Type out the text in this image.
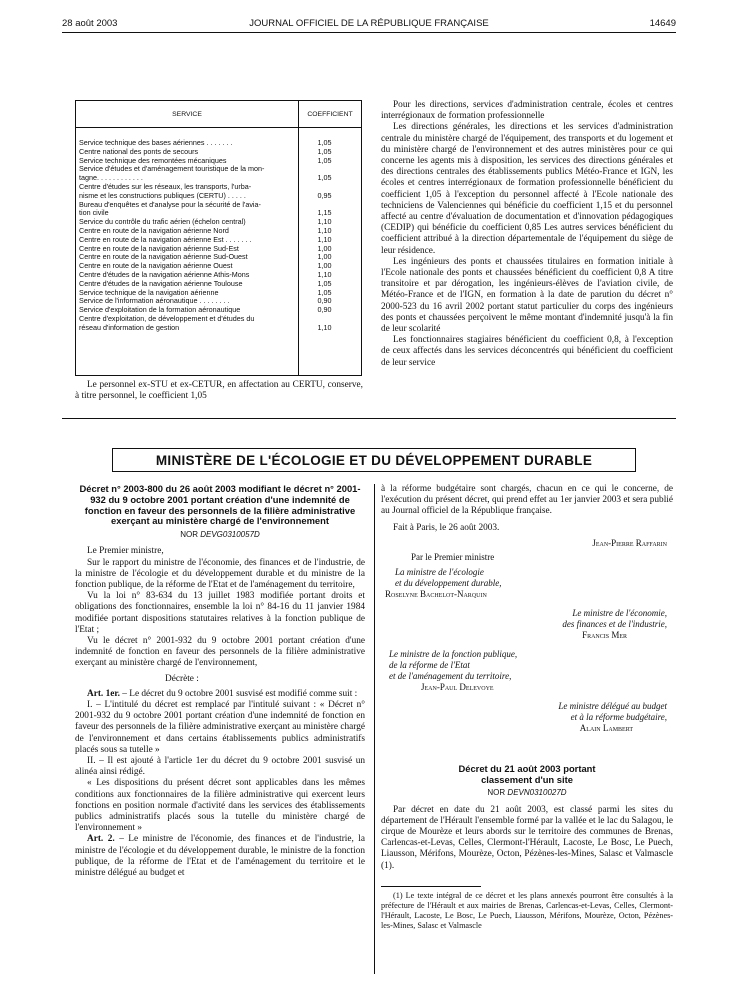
28 août 2003	JOURNAL OFFICIEL DE LA RÉPUBLIQUE FRANÇAISE	14649
SERVICE	COEFFICIENT
Service technique des bases aériennes . . . . . . .	1,05
Centre national des ponts de secours	1,05
Service technique des remontées mécaniques	1,05
Service d'études et d'aménagement touristique de la mon-
tagne. . . . . . . . . . . .	1,05
Centre d'études sur les réseaux, les transports, l'urba-
nisme et les constructions publiques (CERTU) . . . . .	0,95
Bureau d'enquêtes et d'analyse pour la sécurité de l'avia-
tion civile	1,15
Service du contrôle du trafic aérien (échelon central)	1,10
Centre en route de la navigation aérienne Nord	1,10
Centre en route de la navigation aérienne Est . . . . . . .	1,10
Centre en route de la navigation aérienne Sud-Est	1,00
Centre en route de la navigation aérienne Sud-Ouest	1,00
Centre en route de la navigation aérienne Ouest	1,00
Centre d'études de la navigation aérienne Athis-Mons	1,10
Centre d'études de la navigation aérienne Toulouse	1,05
Service technique de la navigation aérienne	1,05
Service de l'information aéronautique . . . . . . . .	0,90
Service d'exploitation de la formation aéronautique	0,90
Centre d'exploitation, de développement et d'études du
réseau d'information de gestion	1,10

Le personnel ex-STU et ex-CETUR, en affectation au CERTU, conserve, à titre personnel, le coefficient 1,05

Pour les directions, services d'administration centrale, écoles et centres interrégionaux de formation professionnelle

Les directions générales, les directions et les services d'administration centrale du ministère chargé de l'équipement, des transports et du logement et du ministère chargé de l'environnement et des autres ministères pour ce qui concerne les agents mis à disposition, les services des directions générales et des directions centrales des établissements publics Météo-France et IGN, les écoles et centres interrégionaux de formation professionnelle bénéficient du coefficient 1,05 à l'exception du personnel affecté à l'Ecole nationale des techniciens de Valenciennes qui bénéficie du coefficient 1,15 et du personnel affecté au centre d'évaluation de documentation et d'innovation pédagogiques (CEDIP) qui bénéficie du coefficient 0,85 Les autres services bénéficient du coefficient attribué à la direction départementale de l'équipement du siège de leur résidence.

Les ingénieurs des ponts et chaussées titulaires en formation initiale à l'Ecole nationale des ponts et chaussées bénéficient du coefficient 0,8 A titre transitoire et par dérogation, les ingénieurs-élèves de l'aviation civile, de Météo-France et de l'IGN, en formation à la date de parution du décret n° 2000-523 du 16 avril 2002 portant statut particulier du corps des ingénieurs des ponts et chaussées perçoivent le même montant d'indemnité jusqu'à la fin de leur scolarité

Les fonctionnaires stagiaires bénéficient du coefficient 0,8, à l'exception de ceux affectés dans les services déconcentrés qui bénéficient du coefficient de leur service

MINISTÈRE DE L'ÉCOLOGIE ET DU DÉVELOPPEMENT DURABLE
Décret n° 2003-800 du 26 août 2003 modifiant le décret n° 2001-932 du 9 octobre 2001 portant création d'une indemnité de fonction en faveur des personnels de la filière administrative exerçant au ministère chargé de l'environnement
NOR DEVG0310057D

Le Premier ministre,

Sur le rapport du ministre de l'économie, des finances et de l'industrie, de la ministre de l'écologie et du développement durable et du ministre de la fonction publique, de la réforme de l'Etat et de l'aménagement du territoire,

Vu la loi n° 83-634 du 13 juillet 1983 modifiée portant droits et obligations des fonctionnaires, ensemble la loi n° 84-16 du 11 janvier 1984 modifiée portant dispositions statutaires relatives à la fonction publique de l'Etat ;

Vu le décret n° 2001-932 du 9 octobre 2001 portant création d'une indemnité de fonction en faveur des personnels de la filière administrative exerçant au ministère chargé de l'environnement,

Décrète :

Art. 1er. – Le décret du 9 octobre 2001 susvisé est modifié comme suit :

I. – L'intitulé du décret est remplacé par l'intitulé suivant : « Décret n° 2001-932 du 9 octobre 2001 portant création d'une indemnité de fonction en faveur des personnels de la filière administrative exerçant au ministère chargé de l'environnement et dans certains établissements publics administratifs placés sous sa tutelle »

II. – Il est ajouté à l'article 1er du décret du 9 octobre 2001 susvisé un alinéa ainsi rédigé.

« Les dispositions du présent décret sont applicables dans les mêmes conditions aux fonctionnaires de la filière administrative qui exercent leurs fonctions en position normale d'activité dans les services des établissements publics administratifs placés sous la tutelle du ministère chargé de l'environnement »

Art. 2. – Le ministre de l'économie, des finances et de l'industrie, la ministre de l'écologie et du développement durable, le ministre de la fonction publique, de la réforme de l'Etat et de l'aménagement du territoire et le ministre délégué au budget et

à la réforme budgétaire sont chargés, chacun en ce qui le concerne, de l'exécution du présent décret, qui prend effet au 1er janvier 2003 et sera publié au Journal officiel de la République française.

Fait à Paris, le 26 août 2003.

Jean-Pierre Raffarin
Par le Premier ministre
La ministre de l'écologie
et du développement durable,
Roselyne Bachelot-Narquin
Le ministre de l'économie,
des finances et de l'industrie,
Francis Mer
Le ministre de la fonction publique,
de la réforme de l'Etat
et de l'aménagement du territoire,
Jean-Paul Delevoye
Le ministre délégué au budget
et à la réforme budgétaire,
Alain Lambert
Décret du 21 août 2003 portant classement d'un site
NOR DEVN0310027D

Par décret en date du 21 août 2003, est classé parmi les sites du département de l'Hérault l'ensemble formé par la vallée et le lac du Salagou, le cirque de Mourèze et leurs abords sur le territoire des communes de Brenas, Carlencas-et-Levas, Celles, Clermont-l'Hérault, Lacoste, Le Bosc, Le Puech, Liausson, Mérifons, Mourèze, Octon, Pézènes-les-Mines, Salasc et Valmascle (1).

(1) Le texte intégral de ce décret et les plans annexés pourront être consultés à la préfecture de l'Hérault et aux mairies de Brenas, Carlencas-et-Levas, Celles, Clermont-l'Hérault, Lacoste, Le Bosc, Le Puech, Liausson, Mérifons, Mourèze, Octon, Pézènes-les-Mines, Salasc et Valmascle
